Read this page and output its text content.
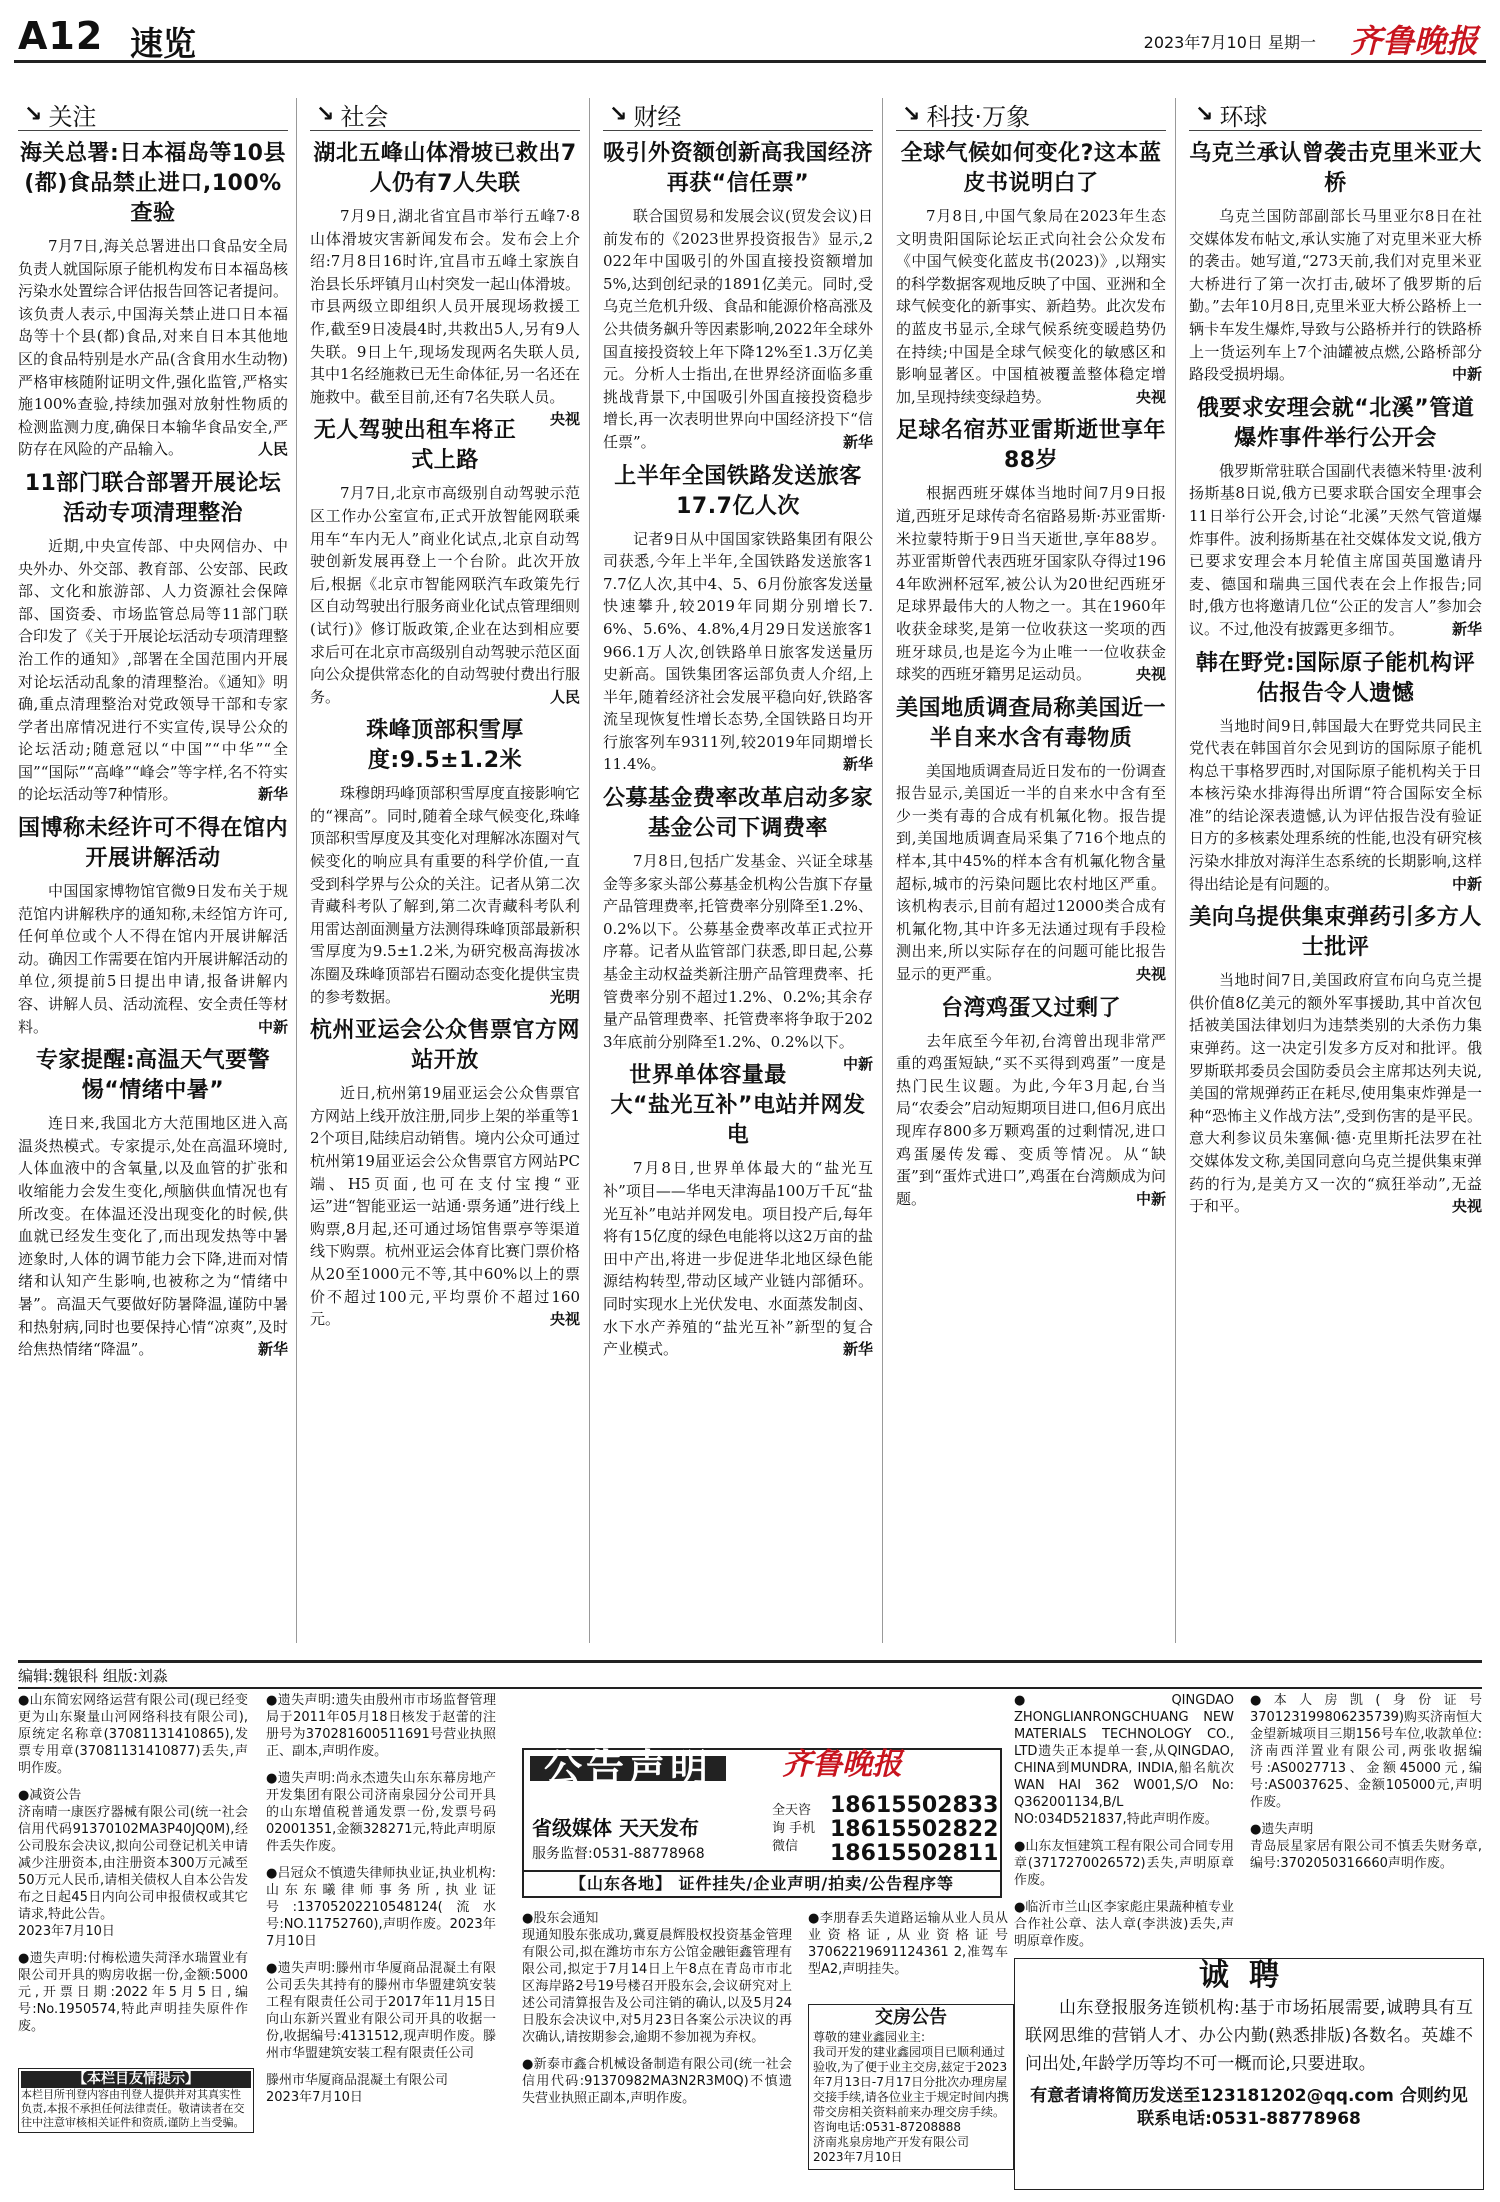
A12 速览	2023年7月10日 星期一 齐鲁晚报
↘ 关注
海关总署:日本福岛等10县(都)食品禁止进口,100%查验

7月7日,海关总署进出口食品安全局负责人就国际原子能机构发布日本福岛核污染水处置综合评估报告回答记者提问。该负责人表示,中国海关禁止进口日本福岛等十个县(都)食品,对来自日本其他地区的食品特别是水产品(含食用水生动物)严格审核随附证明文件,强化监管,严格实施100%查验,持续加强对放射性物质的检测监测力度,确保日本输华食品安全,严防存在风险的产品输入。	人民

11部门联合部署开展论坛活动专项清理整治

近期,中央宣传部、中央网信办、中央外办、外交部、教育部、公安部、民政部、文化和旅游部、人力资源社会保障部、国资委、市场监管总局等11部门联合印发了《关于开展论坛活动专项清理整治工作的通知》,部署在全国范围内开展对论坛活动乱象的清理整治。《通知》明确,重点清理整治对党政领导干部和专家学者出席情况进行不实宣传,误导公众的论坛活动;随意冠以“中国”“中华”“全国”“国际”“高峰”“峰会”等字样,名不符实的论坛活动等7种情形。	新华

国博称未经许可不得在馆内开展讲解活动

中国国家博物馆官微9日发布关于规范馆内讲解秩序的通知称,未经馆方许可,任何单位或个人不得在馆内开展讲解活动。确因工作需要在馆内开展讲解活动的单位,须提前5日提出申请,报备讲解内容、讲解人员、活动流程、安全责任等材料。	中新

专家提醒:高温天气要警惕“情绪中暑”

连日来,我国北方大范围地区进入高温炎热模式。专家提示,处在高温环境时,人体血液中的含氧量,以及血管的扩张和收缩能力会发生变化,颅脑供血情况也有所改变。在体温还没出现变化的时候,供血就已经发生变化了,而出现发热等中暑迹象时,人体的调节能力会下降,进而对情绪和认知产生影响,也被称之为“情绪中暑”。高温天气要做好防暑降温,谨防中暑和热射病,同时也要保持心情“凉爽”,及时给焦热情绪“降温”。	新华

↘ 社会
湖北五峰山体滑坡已救出7人仍有7人失联

7月9日,湖北省宜昌市举行五峰7·8山体滑坡灾害新闻发布会。发布会上介绍:7月8日16时许,宜昌市五峰土家族自治县长乐坪镇月山村突发一起山体滑坡。市县两级立即组织人员开展现场救援工作,截至9日凌晨4时,共救出5人,另有9人失联。9日上午,现场发现两名失联人员,其中1名经施救已无生命体征,另一名还在施救中。截至目前,还有7名失联人员。
央视

无人驾驶出租车将正式上路

7月7日,北京市高级别自动驾驶示范区工作办公室宣布,正式开放智能网联乘用车“车内无人”商业化试点,北京自动驾驶创新发展再登上一个台阶。此次开放后,根据《北京市智能网联汽车政策先行区自动驾驶出行服务商业化试点管理细则(试行)》修订版政策,企业在达到相应要求后可在北京市高级别自动驾驶示范区面向公众提供常态化的自动驾驶付费出行服务。	人民

珠峰顶部积雪厚度:9.5±1.2米

珠穆朗玛峰顶部积雪厚度直接影响它的“裸高”。同时,随着全球气候变化,珠峰顶部积雪厚度及其变化对理解冰冻圈对气候变化的响应具有重要的科学价值,一直受到科学界与公众的关注。记者从第二次青藏科考队了解到,第二次青藏科考队利用雷达剖面测量方法测得珠峰顶部最新积雪厚度为9.5±1.2米,为研究极高海拔冰冻圈及珠峰顶部岩石圈动态变化提供宝贵的参考数据。	光明

杭州亚运会公众售票官方网站开放

近日,杭州第19届亚运会公众售票官方网站上线开放注册,同步上架的举重等12个项目,陆续启动销售。境内公众可通过杭州第19届亚运会公众售票官方网站PC端、H5页面,也可在支付宝搜“亚运”进“智能亚运一站通·票务通”进行线上购票,8月起,还可通过场馆售票亭等渠道线下购票。杭州亚运会体育比赛门票价格从20至1000元不等,其中60%以上的票价不超过100元,平均票价不超过160元。	央视

↘ 财经
吸引外资额创新高我国经济再获“信任票”

联合国贸易和发展会议(贸发会议)日前发布的《2023世界投资报告》显示,2022年中国吸引的外国直接投资额增加5%,达到创纪录的1891亿美元。同时,受乌克兰危机升级、食品和能源价格高涨及公共债务飙升等因素影响,2022年全球外国直接投资较上年下降12%至1.3万亿美元。分析人士指出,在世界经济面临多重挑战背景下,中国吸引外国直接投资稳步增长,再一次表明世界向中国经济投下“信任票”。	新华

上半年全国铁路发送旅客17.7亿人次

记者9日从中国国家铁路集团有限公司获悉,今年上半年,全国铁路发送旅客17.7亿人次,其中4、5、6月份旅客发送量快速攀升,较2019年同期分别增长7.6%、5.6%、4.8%,4月29日发送旅客1966.1万人次,创铁路单日旅客发送量历史新高。国铁集团客运部负责人介绍,上半年,随着经济社会发展平稳向好,铁路客流呈现恢复性增长态势,全国铁路日均开行旅客列车9311列,较2019年同期增长11.4%。	新华

公募基金费率改革启动多家基金公司下调费率

7月8日,包括广发基金、兴证全球基金等多家头部公募基金机构公告旗下存量产品管理费率,托管费率分别降至1.2%、0.2%以下。公募基金费率改革正式拉开序幕。记者从监管部门获悉,即日起,公募基金主动权益类新注册产品管理费率、托管费率分别不超过1.2%、0.2%;其余存量产品管理费率、托管费率将争取于2023年底前分别降至1.2%、0.2%以下。
中新

世界单体容量最大“盐光互补”电站并网发电

7月8日,世界单体最大的“盐光互补”项目——华电天津海晶100万千瓦“盐光互补”电站并网发电。项目投产后,每年将有15亿度的绿色电能将以这2万亩的盐田中产出,将进一步促进华北地区绿色能源结构转型,带动区域产业链内部循环。同时实现水上光伏发电、水面蒸发制卤、水下水产养殖的“盐光互补”新型的复合产业模式。	新华

↘ 科技·万象
全球气候如何变化?这本蓝皮书说明白了

7月8日,中国气象局在2023年生态文明贵阳国际论坛正式向社会公众发布《中国气候变化蓝皮书(2023)》,以翔实的科学数据客观地反映了中国、亚洲和全球气候变化的新事实、新趋势。此次发布的蓝皮书显示,全球气候系统变暖趋势仍在持续;中国是全球气候变化的敏感区和影响显著区。中国植被覆盖整体稳定增加,呈现持续变绿趋势。	央视

足球名宿苏亚雷斯逝世享年88岁

根据西班牙媒体当地时间7月9日报道,西班牙足球传奇名宿路易斯·苏亚雷斯·米拉蒙特斯于9日当天逝世,享年88岁。苏亚雷斯曾代表西班牙国家队夺得过1964年欧洲杯冠军,被公认为20世纪西班牙足球界最伟大的人物之一。其在1960年收获金球奖,是第一位收获这一奖项的西班牙球员,也是迄今为止唯一一位收获金球奖的西班牙籍男足运动员。	央视

美国地质调查局称美国近一半自来水含有毒物质

美国地质调查局近日发布的一份调查报告显示,美国近一半的自来水中含有至少一类有毒的合成有机氟化物。报告提到,美国地质调查局采集了716个地点的样本,其中45%的样本含有机氟化物含量超标,城市的污染问题比农村地区严重。该机构表示,目前有超过12000类合成有机氟化物,其中许多无法通过现有手段检测出来,所以实际存在的问题可能比报告显示的更严重。	央视

台湾鸡蛋又过剩了

去年底至今年初,台湾曾出现非常严重的鸡蛋短缺,“买不买得到鸡蛋”一度是热门民生议题。为此,今年3月起,台当局“农委会”启动短期项目进口,但6月底出现库存800多万颗鸡蛋的过剩情况,进口鸡蛋屡传发霉、变质等情况。从“缺蛋”到“蛋炸式进口”,鸡蛋在台湾颇成为问题。	中新

↘ 环球
乌克兰承认曾袭击克里米亚大桥

乌克兰国防部副部长马里亚尔8日在社交媒体发布帖文,承认实施了对克里米亚大桥的袭击。她写道,“273天前,我们对克里米亚大桥进行了第一次打击,破坏了俄罗斯的后勤。”去年10月8日,克里米亚大桥公路桥上一辆卡车发生爆炸,导致与公路桥并行的铁路桥上一货运列车上7个油罐被点燃,公路桥部分路段受损坍塌。	中新

俄要求安理会就“北溪”管道爆炸事件举行公开会

俄罗斯常驻联合国副代表德米特里·波利扬斯基8日说,俄方已要求联合国安全理事会11日举行公开会,讨论“北溪”天然气管道爆炸事件。波利扬斯基在社交媒体发文说,俄方已要求安理会本月轮值主席国英国邀请丹麦、德国和瑞典三国代表在会上作报告;同时,俄方也将邀请几位“公正的发言人”参加会议。不过,他没有披露更多细节。	新华

韩在野党:国际原子能机构评估报告令人遗憾

当地时间9日,韩国最大在野党共同民主党代表在韩国首尔会见到访的国际原子能机构总干事格罗西时,对国际原子能机构关于日本核污染水排海得出所谓“符合国际安全标准”的结论深表遗憾,认为评估报告没有验证日方的多核素处理系统的性能,也没有研究核污染水排放对海洋生态系统的长期影响,这样得出结论是有问题的。	中新

美向乌提供集束弹药引多方人士批评

当地时间7日,美国政府宣布向乌克兰提供价值8亿美元的额外军事援助,其中首次包括被美国法律划归为违禁类别的大杀伤力集束弹药。这一决定引发多方反对和批评。俄罗斯联邦委员会国防委员会主席邦达列夫说,美国的常规弹药正在耗尽,使用集束炸弹是一种“恐怖主义作战方法”,受到伤害的是平民。意大利参议员朱塞佩·德·克里斯托法罗在社交媒体发文称,美国同意向乌克兰提供集束弹药的行为,是美方又一次的“疯狂举动”,无益于和平。	央视

编辑:魏银科 组版:刘淼
●山东简宏网络运营有限公司(现已经变更为山东聚量山河网络科技有限公司),原统定名称章(37081131410865),发票专用章(37081131410877)丢失,声明作废。
●减资公告
济南晴一康医疗器械有限公司(统一社会信用代码91370102MA3P40JQ0M),经公司股东会决议,拟向公司登记机关申请减少注册资本,由注册资本300万元减至50万元人民币,请相关债权人自本公告发布之日起45日内向公司申报债权或其它请求,特此公告。
2023年7月10日
●遗失声明:付梅松遗失菏泽水瑞置业有限公司开具的购房收据一份,金额:5000元,开票日期:2022年5月5日,编号:No.1950574,特此声明挂失原件作废。
【本栏目友情提示】
本栏目所刊登内容由刊登人提供并对其真实性负责,本报不承担任何法律责任。敬请读者在交往中注意审核相关证件和资质,谨防上当受骗。
●遗失声明:遗失由殷州市市场监督管理局于2011年05月18日核发于赵蕾的注册号为370281600511691号营业执照正、副本,声明作废。
●遗失声明:尚永杰遗失山东东幕房地产开发集团有限公司济南泉园分公司开具的山东增值税普通发票一份,发票号码02001351,金额328271元,特此声明原件丢失作废。
●吕冠众不慎遗失律师执业证,执业机构:山东东曦律师事务所,执业证号:13705202210548124(流水号:NO.11752760),声明作废。2023年7月10日
●遗失声明:滕州市华厦商品混凝土有限公司丢失其持有的滕州市华盟建筑安装工程有限责任公司于2017年11月15日向山东新兴置业有限公司开具的收据一份,收据编号:4131512,现声明作废。滕州市华盟建筑安装工程有限责任公司
滕州市华厦商品混凝土有限公司
2023年7月10日
公告声明
省级媒体 天天发布
服务监督:0531-88778968
齐鲁晚报
全天咨询 手机微信
18615502833
18615502822
18615502811
【山东各地】 证件挂失/企业声明/拍卖/公告程序等
●股东会通知
现通知股东张成功,冀夏晨辉股权投资基金管理有限公司,拟在潍坊市东方公馆金融钜鑫管理有限公司,拟定于7月14日上午8点在青岛市市北区海岸路2号19号楼召开股东会,会议研究对上述公司清算报告及公司注销的确认,以及5月24日股东会决议中,对5月23日各案公示决议的再次确认,请按期参会,逾期不参加视为弃权。
●新泰市鑫合机械设备制造有限公司(统一社会信用代码:91370982MA3N2R3M0Q)不慎遗失营业执照正副本,声明作废。
●李朋春丢失道路运输从业人员从业资格证,从业资格证号37062219691124361 2,准驾车型A2,声明挂失。
交房公告
尊敬的建业鑫园业主:
我司开发的建业鑫园项目已顺利通过验收,为了便于业主交房,兹定于2023年7月13日-7月17日分批次办理房屋交接手续,请各位业主于规定时间内携带交房相关资料前来办理交房手续。
咨询电话:0531-87208888
济南兆泉房地产开发有限公司
2023年7月10日
●QINGDAO ZHONGLIANRONGCHUANG NEW MATERIALS TECHNOLOGY CO., LTD遗失正本提单一套,从QINGDAO, CHINA到MUNDRA, INDIA,船名航次WAN HAI 362 W001,S/O No: Q362001134,B/L NO:034D521837,特此声明作废。
●山东友恒建筑工程有限公司合同专用章(3717270026572)丢失,声明原章作废。
●临沂市兰山区李家彪庄果蔬种植专业合作社公章、法人章(李洪波)丢失,声明原章作废。
●本人房凯(身份证号370123199806235739)购买济南恒大金望新城项目三期156号车位,收款单位:济南西洋置业有限公司,两张收据编号:AS0027713、金额45000元,编号:AS0037625、金额105000元,声明作废。
●遗失声明
青岛辰星家居有限公司不慎丢失财务章,编号:3702050316660声明作废。
诚聘
山东登报服务连锁机构:基于市场拓展需要,诚聘具有互联网思维的营销人才、办公内勤(熟悉排版)各数名。英雄不问出处,年龄学历等均不可一概而论,只要进取。
有意者请将简历发送至123181202@qq.com 合则约见
联系电话:0531-88778968
